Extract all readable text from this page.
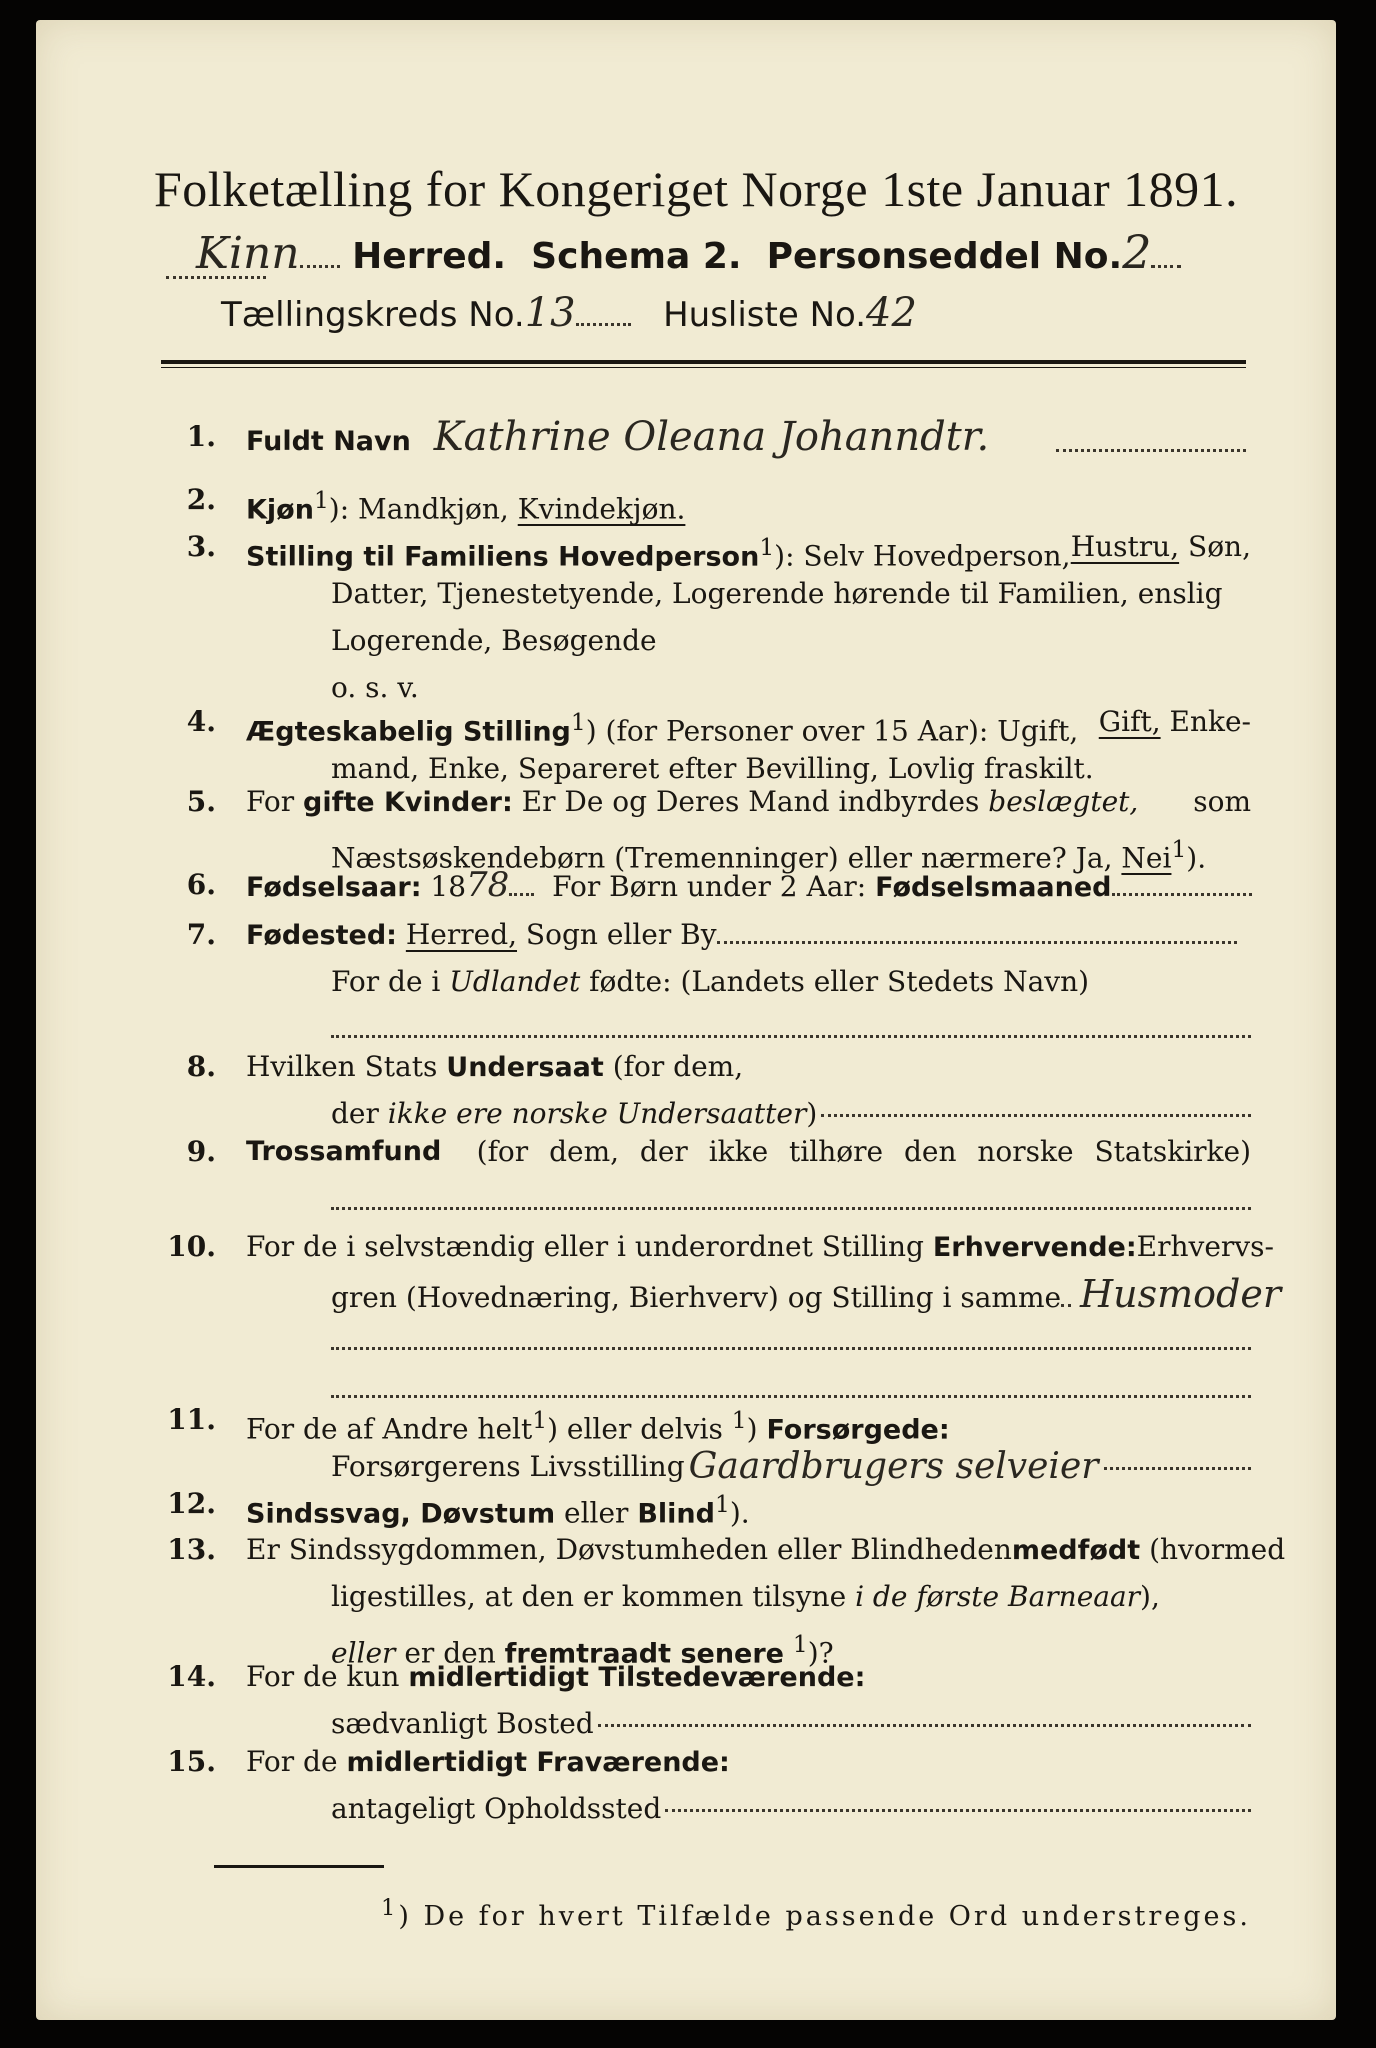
Folketælling for Kongeriget Norge 1ste Januar 1891.
Kinn Herred. Schema 2. Personseddel No.2
Tællingskreds No.13	Husliste No.42
1. Fuldt Navn Kathrine Oleana Johanndtr.
2. Kjøn$^1$): Mandkjøn, Kvindekjøn.
3. Stilling til Familiens Hovedperson$^1$): Selv Hovedperson, Hustru, Søn,
Datter, Tjenestetyende, Logerende hørende til Familien, enslig
Logerende, Besøgende
o. s. v.
4. Ægteskabelig Stilling$^1$) (for Personer over 15 Aar): Ugift, Gift, Enke-
mand, Enke, Separeret efter Bevilling, Lovlig fraskilt.
5. For gifte Kvinder: Er De og Deres Mand indbyrdes beslægtet, som
Næstsøskendebørn (Tremenninger) eller nærmere? Ja, Nei$^1$).
6. Fødselsaar: 1878 For Børn under 2 Aar: Fødselsmaaned
7. Fødested: Herred, Sogn eller By
For de i Udlandet fødte: (Landets eller Stedets Navn)
8. Hvilken Stats Undersaat (for dem,
der
ikke ere norske Undersaatter )
9. Trossamfund (for dem, der ikke tilhøre den norske Statskirke)
10. For de i selvstændig eller i underordnet Stilling Erhvervende: Erhvervs-
gren (Hovednæring, Bierhverv) og Stilling i samme Husmoder
11. For de af Andre helt$^1$) eller delvis $^1$) Forsørgede:
Forsørgerens Livsstilling Gaardbrugers selveier
12. Sindssvag, Døvstum eller Blind$^1$).
13. Er Sindssygdommen, Døvstumheden eller Blindheden medfødt (hvormed
ligestilles, at den er kommen tilsyne i de første Barneaar),
eller er den fremtraadt senere $^1$)?
14. For de kun midlertidigt Tilstedeværende:
sædvanligt Bosted
15. For de midlertidigt Fraværende:
antageligt Opholdssted
$^1$) De for hvert Tilfælde passende Ord understreges.
